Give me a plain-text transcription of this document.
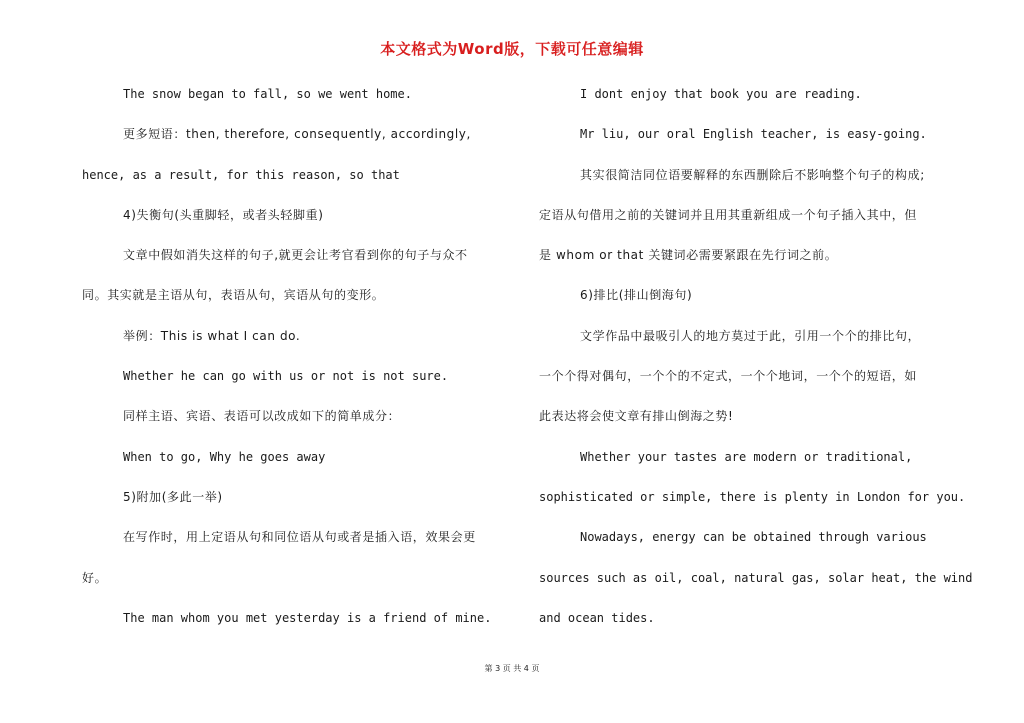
本文格式为Word版，下载可任意编辑
The snow began to fall, so we went home.
更多短语：then, therefore, consequently, accordingly,
hence, as a result, for this reason, so that
4)失衡句(头重脚轻，或者头轻脚重)
文章中假如消失这样的句子,就更会让考官看到你的句子与众不
同。其实就是主语从句，表语从句，宾语从句的变形。
举例：This is what I can do.
Whether he can go with us or not is not sure.
同样主语、宾语、表语可以改成如下的简单成分：
When to go, Why he goes away
5)附加(多此一举)
在写作时，用上定语从句和同位语从句或者是插入语，效果会更
好。
The man whom you met yesterday is a friend of mine.
I dont enjoy that book you are reading.
Mr liu, our oral English teacher, is easy-going.
其实很简洁同位语要解释的东西删除后不影响整个句子的构成;
定语从句借用之前的关键词并且用其重新组成一个句子插入其中，但
是 whom or that 关键词必需要紧跟在先行词之前。
6)排比(排山倒海句)
文学作品中最吸引人的地方莫过于此，引用一个个的排比句，
一个个得对偶句，一个个的不定式，一个个地词，一个个的短语，如
此表达将会使文章有排山倒海之势!
Whether your tastes are modern or traditional,
sophisticated or simple, there is plenty in London for you.
Nowadays, energy can be obtained through various
sources such as oil, coal, natural gas, solar heat, the wind
and ocean tides.
第 3 页 共 4 页
